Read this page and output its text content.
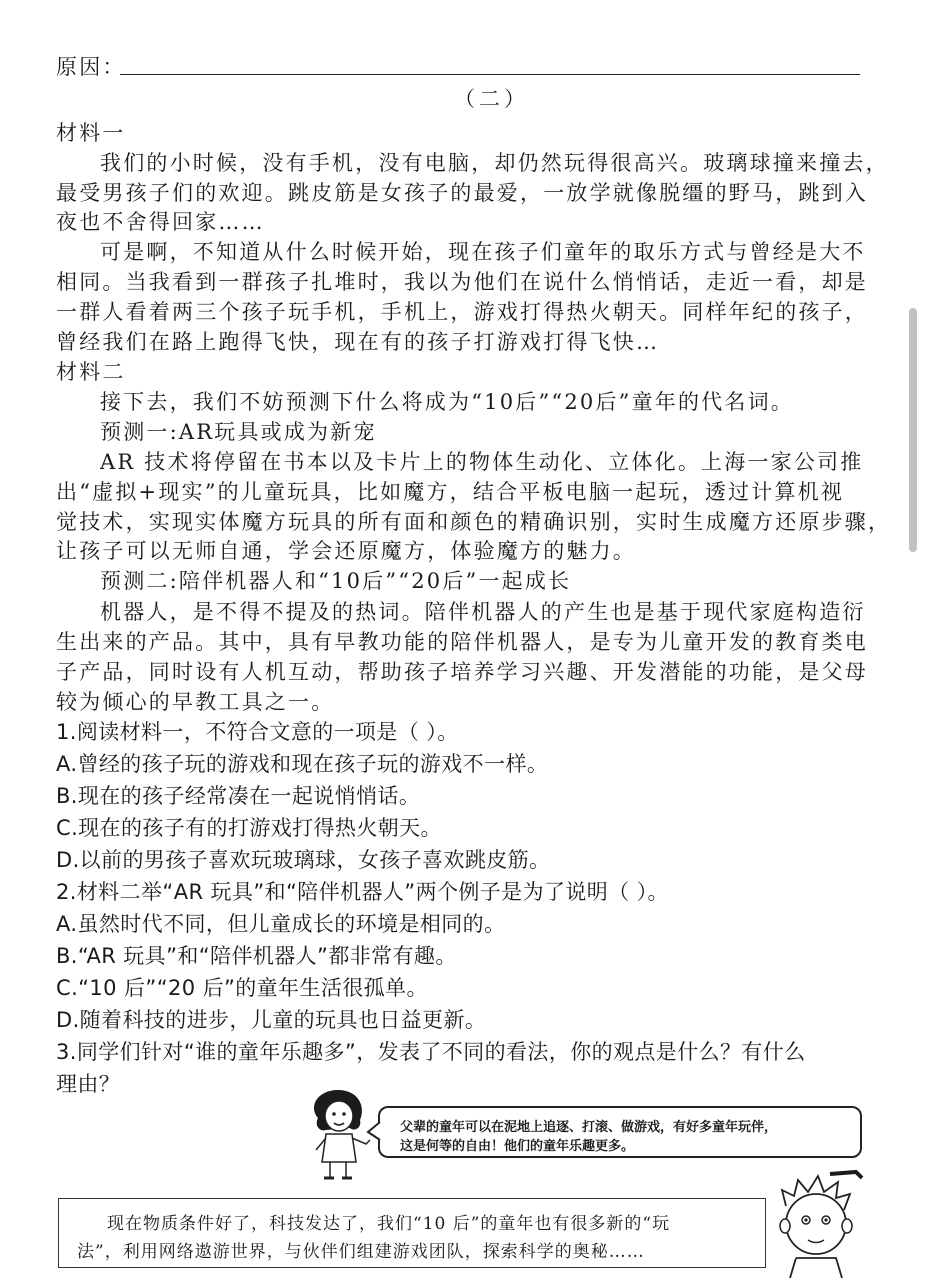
原因：

（二）

材料一

我们的小时候，没有手机，没有电脑，却仍然玩得很高兴。玻璃球撞来撞去，

最受男孩子们的欢迎。跳皮筋是女孩子的最爱，一放学就像脱缰的野马，跳到入

夜也不舍得回家……

可是啊，不知道从什么时候开始，现在孩子们童年的取乐方式与曾经是大不

相同。当我看到一群孩子扎堆时，我以为他们在说什么悄悄话，走近一看，却是

一群人看着两三个孩子玩手机，手机上，游戏打得热火朝天。同样年纪的孩子，

曾经我们在路上跑得飞快，现在有的孩子打游戏打得飞快…

材料二

接下去，我们不妨预测下什么将成为“10后”“20后”童年的代名词。

预测一:AR玩具或成为新宠

AR 技术将停留在书本以及卡片上的物体生动化、立体化。上海一家公司推

出“虚拟+现实”的儿童玩具，比如魔方，结合平板电脑一起玩，透过计算机视

觉技术，实现实体魔方玩具的所有面和颜色的精确识别，实时生成魔方还原步骤，

让孩子可以无师自通，学会还原魔方，体验魔方的魅力。

预测二:陪伴机器人和“10后”“20后”一起成长

机器人，是不得不提及的热词。陪伴机器人的产生也是基于现代家庭构造衍

生出来的产品。其中，具有早教功能的陪伴机器人，是专为儿童开发的教育类电

子产品，同时设有人机互动，帮助孩子培养学习兴趣、开发潜能的功能，是父母

较为倾心的早教工具之一。

1.阅读材料一，不符合文意的一项是（ ）。

A.曾经的孩子玩的游戏和现在孩子玩的游戏不一样。

B.现在的孩子经常凑在一起说悄悄话。

C.现在的孩子有的打游戏打得热火朝天。

D.以前的男孩子喜欢玩玻璃球，女孩子喜欢跳皮筋。

2.材料二举“AR 玩具”和“陪伴机器人”两个例子是为了说明（ ）。

A.虽然时代不同，但儿童成长的环境是相同的。

B.“AR 玩具”和“陪伴机器人”都非常有趣。

C.“10 后”“20 后”的童年生活很孤单。

D.随着科技的进步，儿童的玩具也日益更新。

3.同学们针对“谁的童年乐趣多”，发表了不同的看法，你的观点是什么？有什么

理由？

父辈的童年可以在泥地上追逐、打滚、做游戏，有好多童年玩伴，
这是何等的自由！他们的童年乐趣更多。
现在物质条件好了，科技发达了，我们“10 后”的童年也有很多新的“玩
法”，利用网络遨游世界，与伙伴们组建游戏团队，探索科学的奥秘……
